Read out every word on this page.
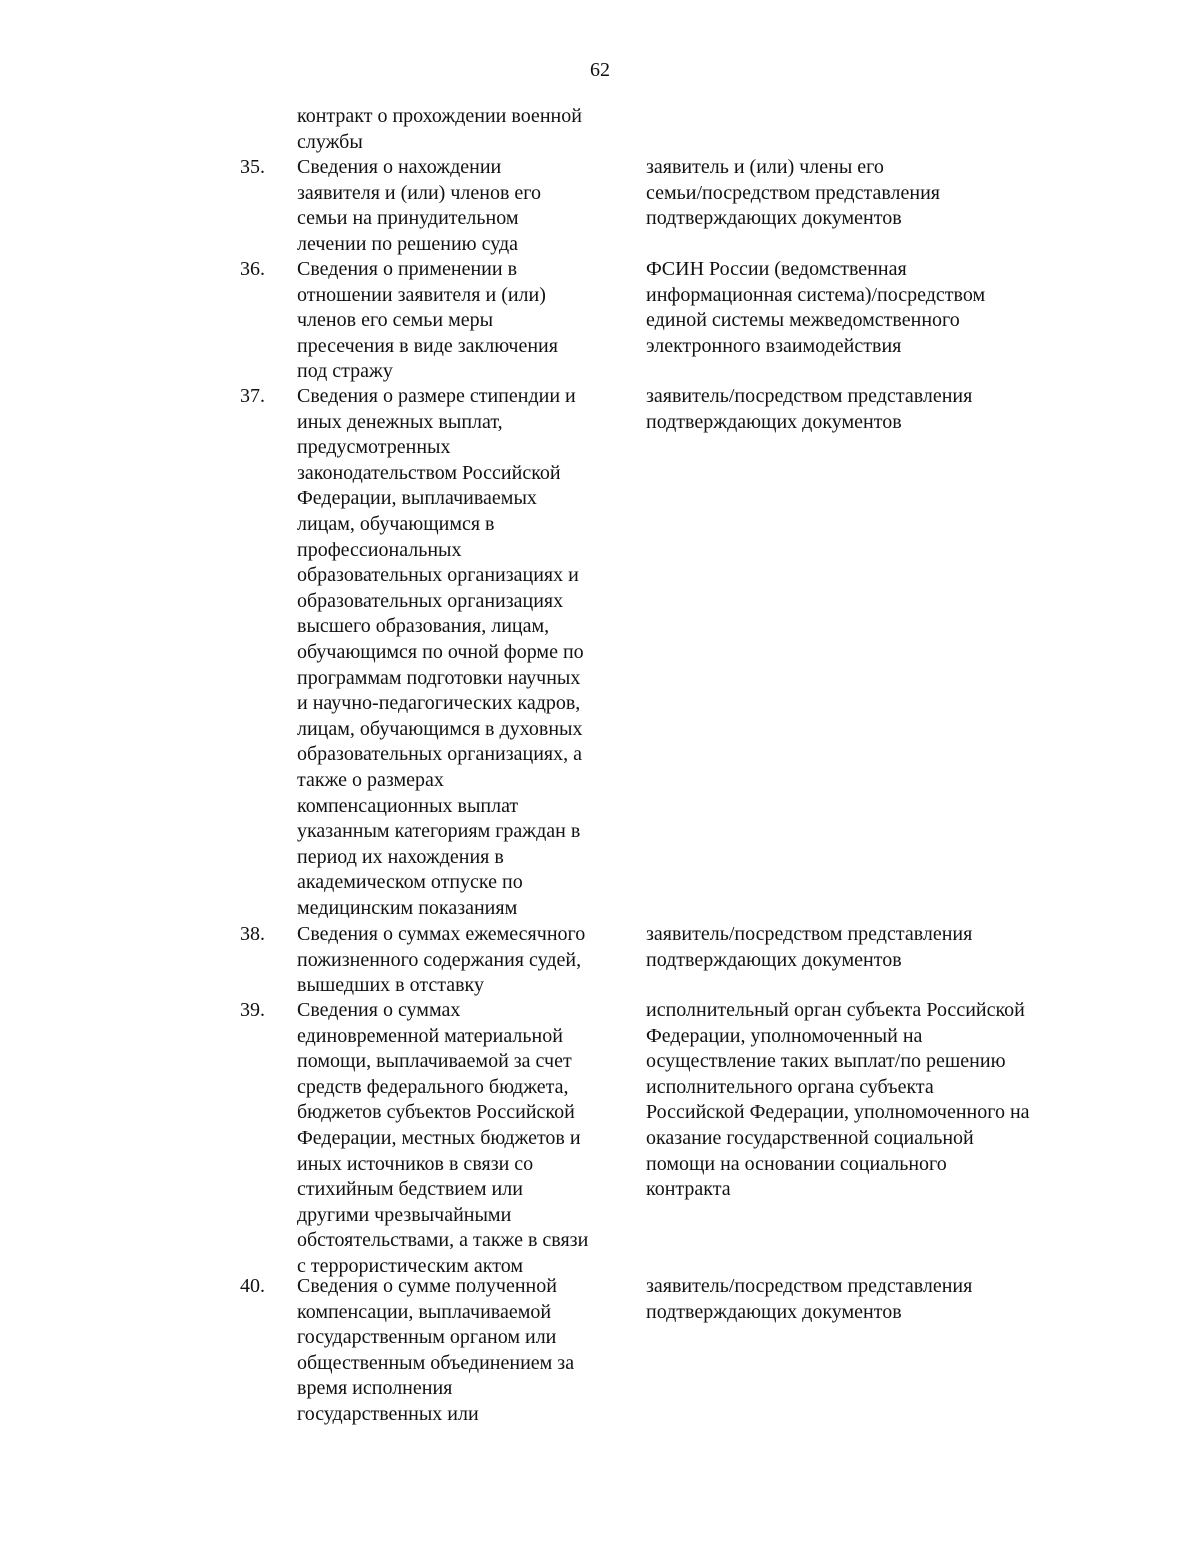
62
контракт о прохождении военной
службы
35. Сведения о нахождении
заявителя и (или) членов его
семьи на принудительном
лечении по решению суда
заявитель и (или) члены его
семьи/посредством представления
подтверждающих документов
36. Сведения о применении в
отношении заявителя и (или)
членов его семьи меры
пресечения в виде заключения
под стражу
ФСИН России (ведомственная
информационная система)/посредством
единой системы межведомственного
электронного взаимодействия
37. Сведения о размере стипендии и
иных денежных выплат,
предусмотренных
законодательством Российской
Федерации, выплачиваемых
лицам, обучающимся в
профессиональных
образовательных организациях и
образовательных организациях
высшего образования, лицам,
обучающимся по очной форме по
программам подготовки научных
и научно-педагогических кадров,
лицам, обучающимся в духовных
образовательных организациях, а
также о размерах
компенсационных выплат
указанным категориям граждан в
период их нахождения в
академическом отпуске по
медицинским показаниям
заявитель/посредством представления
подтверждающих документов
38. Сведения о суммах ежемесячного
пожизненного содержания судей,
вышедших в отставку
заявитель/посредством представления
подтверждающих документов
39. Сведения о суммах
единовременной материальной
помощи, выплачиваемой за счет
средств федерального бюджета,
бюджетов субъектов Российской
Федерации, местных бюджетов и
иных источников в связи со
стихийным бедствием или
другими чрезвычайными
обстоятельствами, а также в связи
с террористическим актом
исполнительный орган субъекта Российской
Федерации, уполномоченный на
осуществление таких выплат/по решению
исполнительного органа субъекта
Российской Федерации, уполномоченного на
оказание государственной социальной
помощи на основании социального
контракта
40. Сведения о сумме полученной
компенсации, выплачиваемой
государственным органом или
общественным объединением за
время исполнения
государственных или
заявитель/посредством представления
подтверждающих документов
